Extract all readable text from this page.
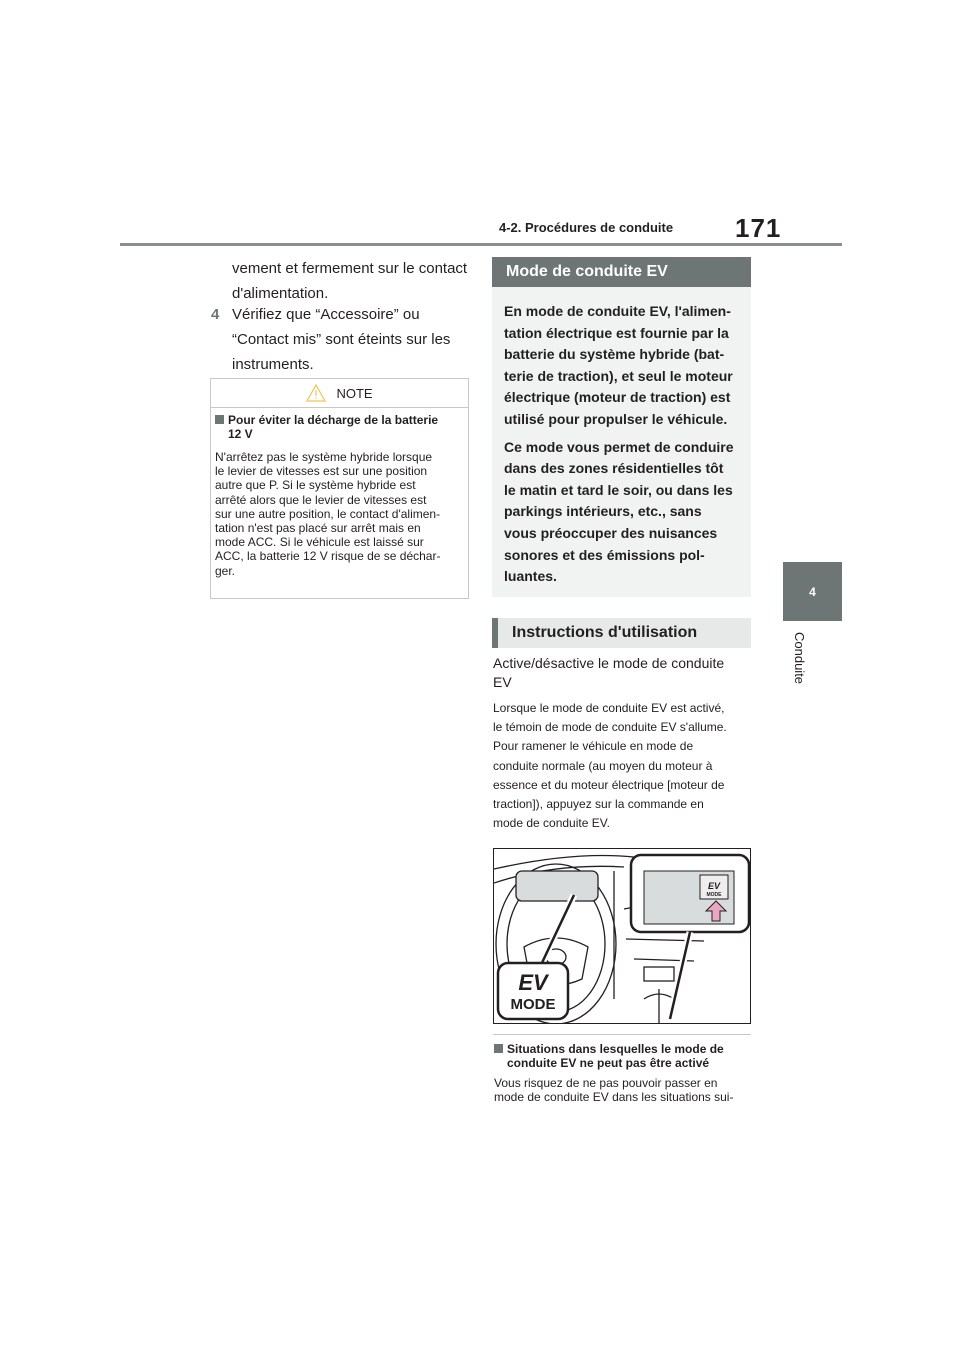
4-2. Procédures de conduite 171
4
Conduite
vement et fermement sur le contact
d'alimentation.
4 Vérifiez que “Accessoire” ou
“Contact mis” sont éteints sur les
instruments.
NOTE
Pour éviter la décharge de la batterie
12 V
N'arrêtez pas le système hybride lorsque
le levier de vitesses est sur une position
autre que P. Si le système hybride est
arrêté alors que le levier de vitesses est
sur une autre position, le contact d'alimen-
tation n'est pas placé sur arrêt mais en
mode ACC. Si le véhicule est laissé sur
ACC, la batterie 12 V risque de se déchar-
ger.
Mode de conduite EV

En mode de conduite EV, l'alimen-
tation électrique est fournie par la
batterie du système hybride (bat-
terie de traction), et seul le moteur
électrique (moteur de traction) est
utilisé pour propulser le véhicule.

Ce mode vous permet de conduire
dans des zones résidentielles tôt
le matin et tard le soir, ou dans les
parkings intérieurs, etc., sans
vous préoccuper des nuisances
sonores et des émissions pol-
luantes.

Instructions d'utilisation
Active/désactive le mode de conduite
EV
Lorsque le mode de conduite EV est activé,
le témoin de mode de conduite EV s'allume.
Pour ramener le véhicule en mode de
conduite normale (au moyen du moteur à
essence et du moteur électrique [moteur de
traction]), appuyez sur la commande en
mode de conduite EV.
EV
MODE
EV
MODE
Situations dans lesquelles le mode de
conduite EV ne peut pas être activé
Vous risquez de ne pas pouvoir passer en
mode de conduite EV dans les situations sui-
